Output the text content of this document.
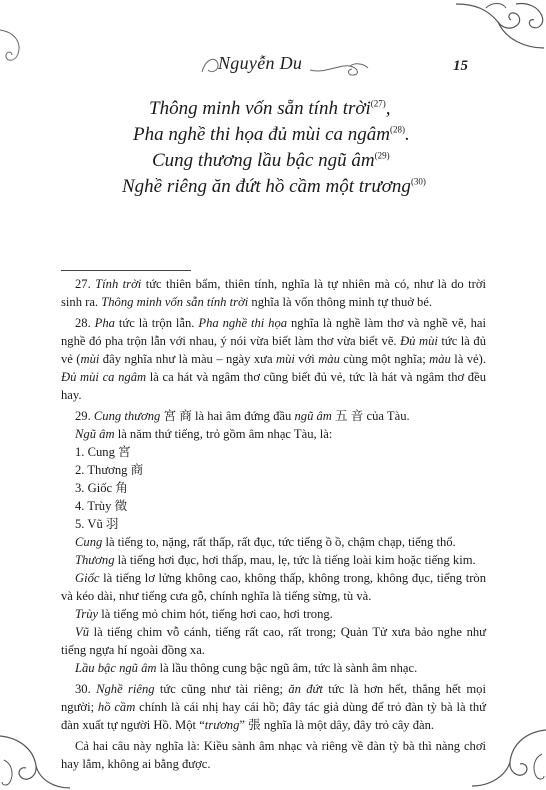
Nguyễn Du	15
Thông minh vốn sẵn tính trời$^{(27)}$,
Pha nghề thi họa đủ mùi ca ngâm$^{(28)}$.
Cung thương lầu bậc ngũ $âm^{(29)}$
Nghề riêng ăn đứt hồ cầm một trương$^{(30)}$

27. Tính trời tức thiên bẩm, thiên tính, nghĩa là tự nhiên mà có, như là do trời sinh ra. Thông minh vốn sẵn tính trời nghĩa là vốn thông minh tự thuở bé.

28. Pha tức là trộn lẫn. Pha nghề thi họa nghĩa là nghề làm thơ và nghề vẽ, hai nghề đó pha trộn lẫn với nhau, ý nói vừa biết làm thơ vừa biết vẽ. Đủ mùi tức là đủ vẻ (mùi đây nghĩa như là màu – ngày xưa mùi với màu cùng một nghĩa; màu là vẻ). Đủ mùi ca ngâm là ca hát và ngâm thơ cũng biết đủ vẻ, tức là hát và ngâm thơ đều hay.

29. Cung thương 宮 商 là hai âm đứng đầu ngũ âm 五 音 của Tàu.

Ngũ âm là năm thứ tiếng, trỏ gồm âm nhạc Tàu, là:

1. Cung 宮

2. Thương 商

3. Giốc 角

4. Trùy 徵

5. Vũ 羽

Cung là tiếng to, nặng, rất thấp, rất đục, tức tiếng ồ ồ, chậm chạp, tiếng thổ.

Thương là tiếng hơi đục, hơi thấp, mau, lẹ, tức là tiếng loài kim hoặc tiếng kim.

Giốc là tiếng lơ lửng không cao, không thấp, không trong, không đục, tiếng tròn và kéo dài, như tiếng cưa gỗ, chính nghĩa là tiếng sừng, tù và.

Trùy là tiếng mỏ chim hót, tiếng hơi cao, hơi trong.

Vũ là tiếng chim vỗ cánh, tiếng rất cao, rất trong; Quản Tử xưa bảo nghe như tiếng ngựa hí ngoài đồng xa.

Lầu bậc ngũ âm là lầu thông cung bậc ngũ âm, tức là sành âm nhạc.

30. Nghề riêng tức cũng như tài riêng; ăn đứt tức là hơn hết, thắng hết mọi người; hồ cầm chính là cái nhị hay cái hồ; đây tác giả dùng để trỏ đàn tỳ bà là thứ đàn xuất tự người Hồ. Một “trương” 張 nghĩa là một dây, đây trỏ cây đàn.

Cả hai câu này nghĩa là: Kiều sành âm nhạc và riêng về đàn tỳ bà thì nàng chơi hay lắm, không ai bằng được.
